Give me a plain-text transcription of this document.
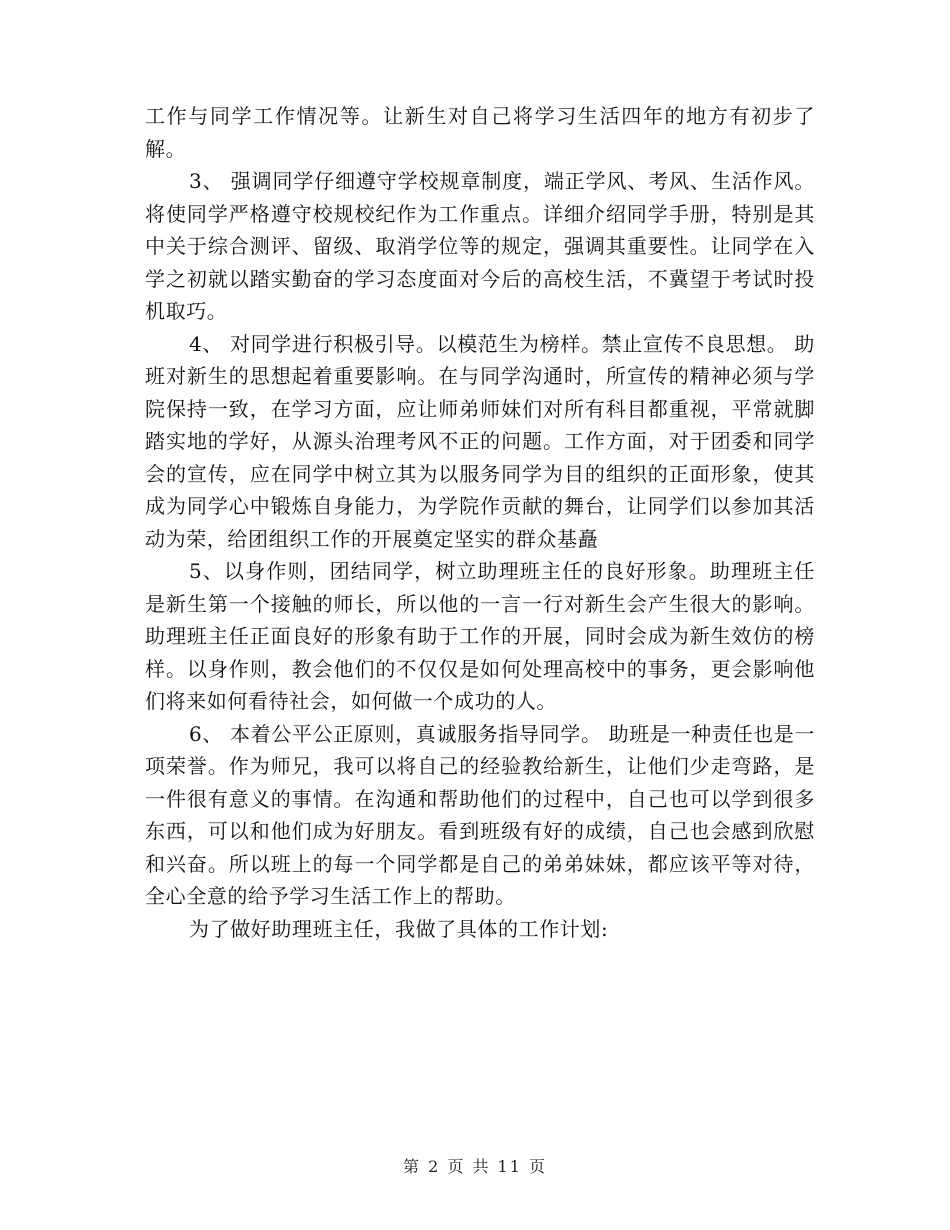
工作与同学工作情况等。让新生对自己将学习生活四年的地方有初步了解。

3、 强调同学仔细遵守学校规章制度，端正学风、考风、生活作风。 将使同学严格遵守校规校纪作为工作重点。详细介绍同学手册，特别是其中关于综合测评、留级、取消学位等的规定，强调其重要性。让同学在入学之初就以踏实勤奋的学习态度面对今后的高校生活，不冀望于考试时投机取巧。

4、 对同学进行积极引导。以模范生为榜样。禁止宣传不良思想。 助班对新生的思想起着重要影响。在与同学沟通时，所宣传的精神必须与学院保持一致，在学习方面，应让师弟师妹们对所有科目都重视，平常就脚踏实地的学好，从源头治理考风不正的问题。工作方面，对于团委和同学会的宣传，应在同学中树立其为以服务同学为目的组织的正面形象，使其成为同学心中锻炼自身能力，为学院作贡献的舞台，让同学们以参加其活动为荣，给团组织工作的开展奠定坚实的群众基矗

5、以身作则，团结同学，树立助理班主任的良好形象。助理班主任是新生第一个接触的师长，所以他的一言一行对新生会产生很大的影响。助理班主任正面良好的形象有助于工作的开展，同时会成为新生效仿的榜样。以身作则，教会他们的不仅仅是如何处理高校中的事务，更会影响他们将来如何看待社会，如何做一个成功的人。

6、 本着公平公正原则，真诚服务指导同学。 助班是一种责任也是一项荣誉。作为师兄，我可以将自己的经验教给新生，让他们少走弯路，是一件很有意义的事情。在沟通和帮助他们的过程中，自己也可以学到很多东西，可以和他们成为好朋友。看到班级有好的成绩，自己也会感到欣慰和兴奋。所以班上的每一个同学都是自己的弟弟妹妹，都应该平等对待，全心全意的给予学习生活工作上的帮助。

为了做好助理班主任，我做了具体的工作计划:

第 2 页 共 11 页
